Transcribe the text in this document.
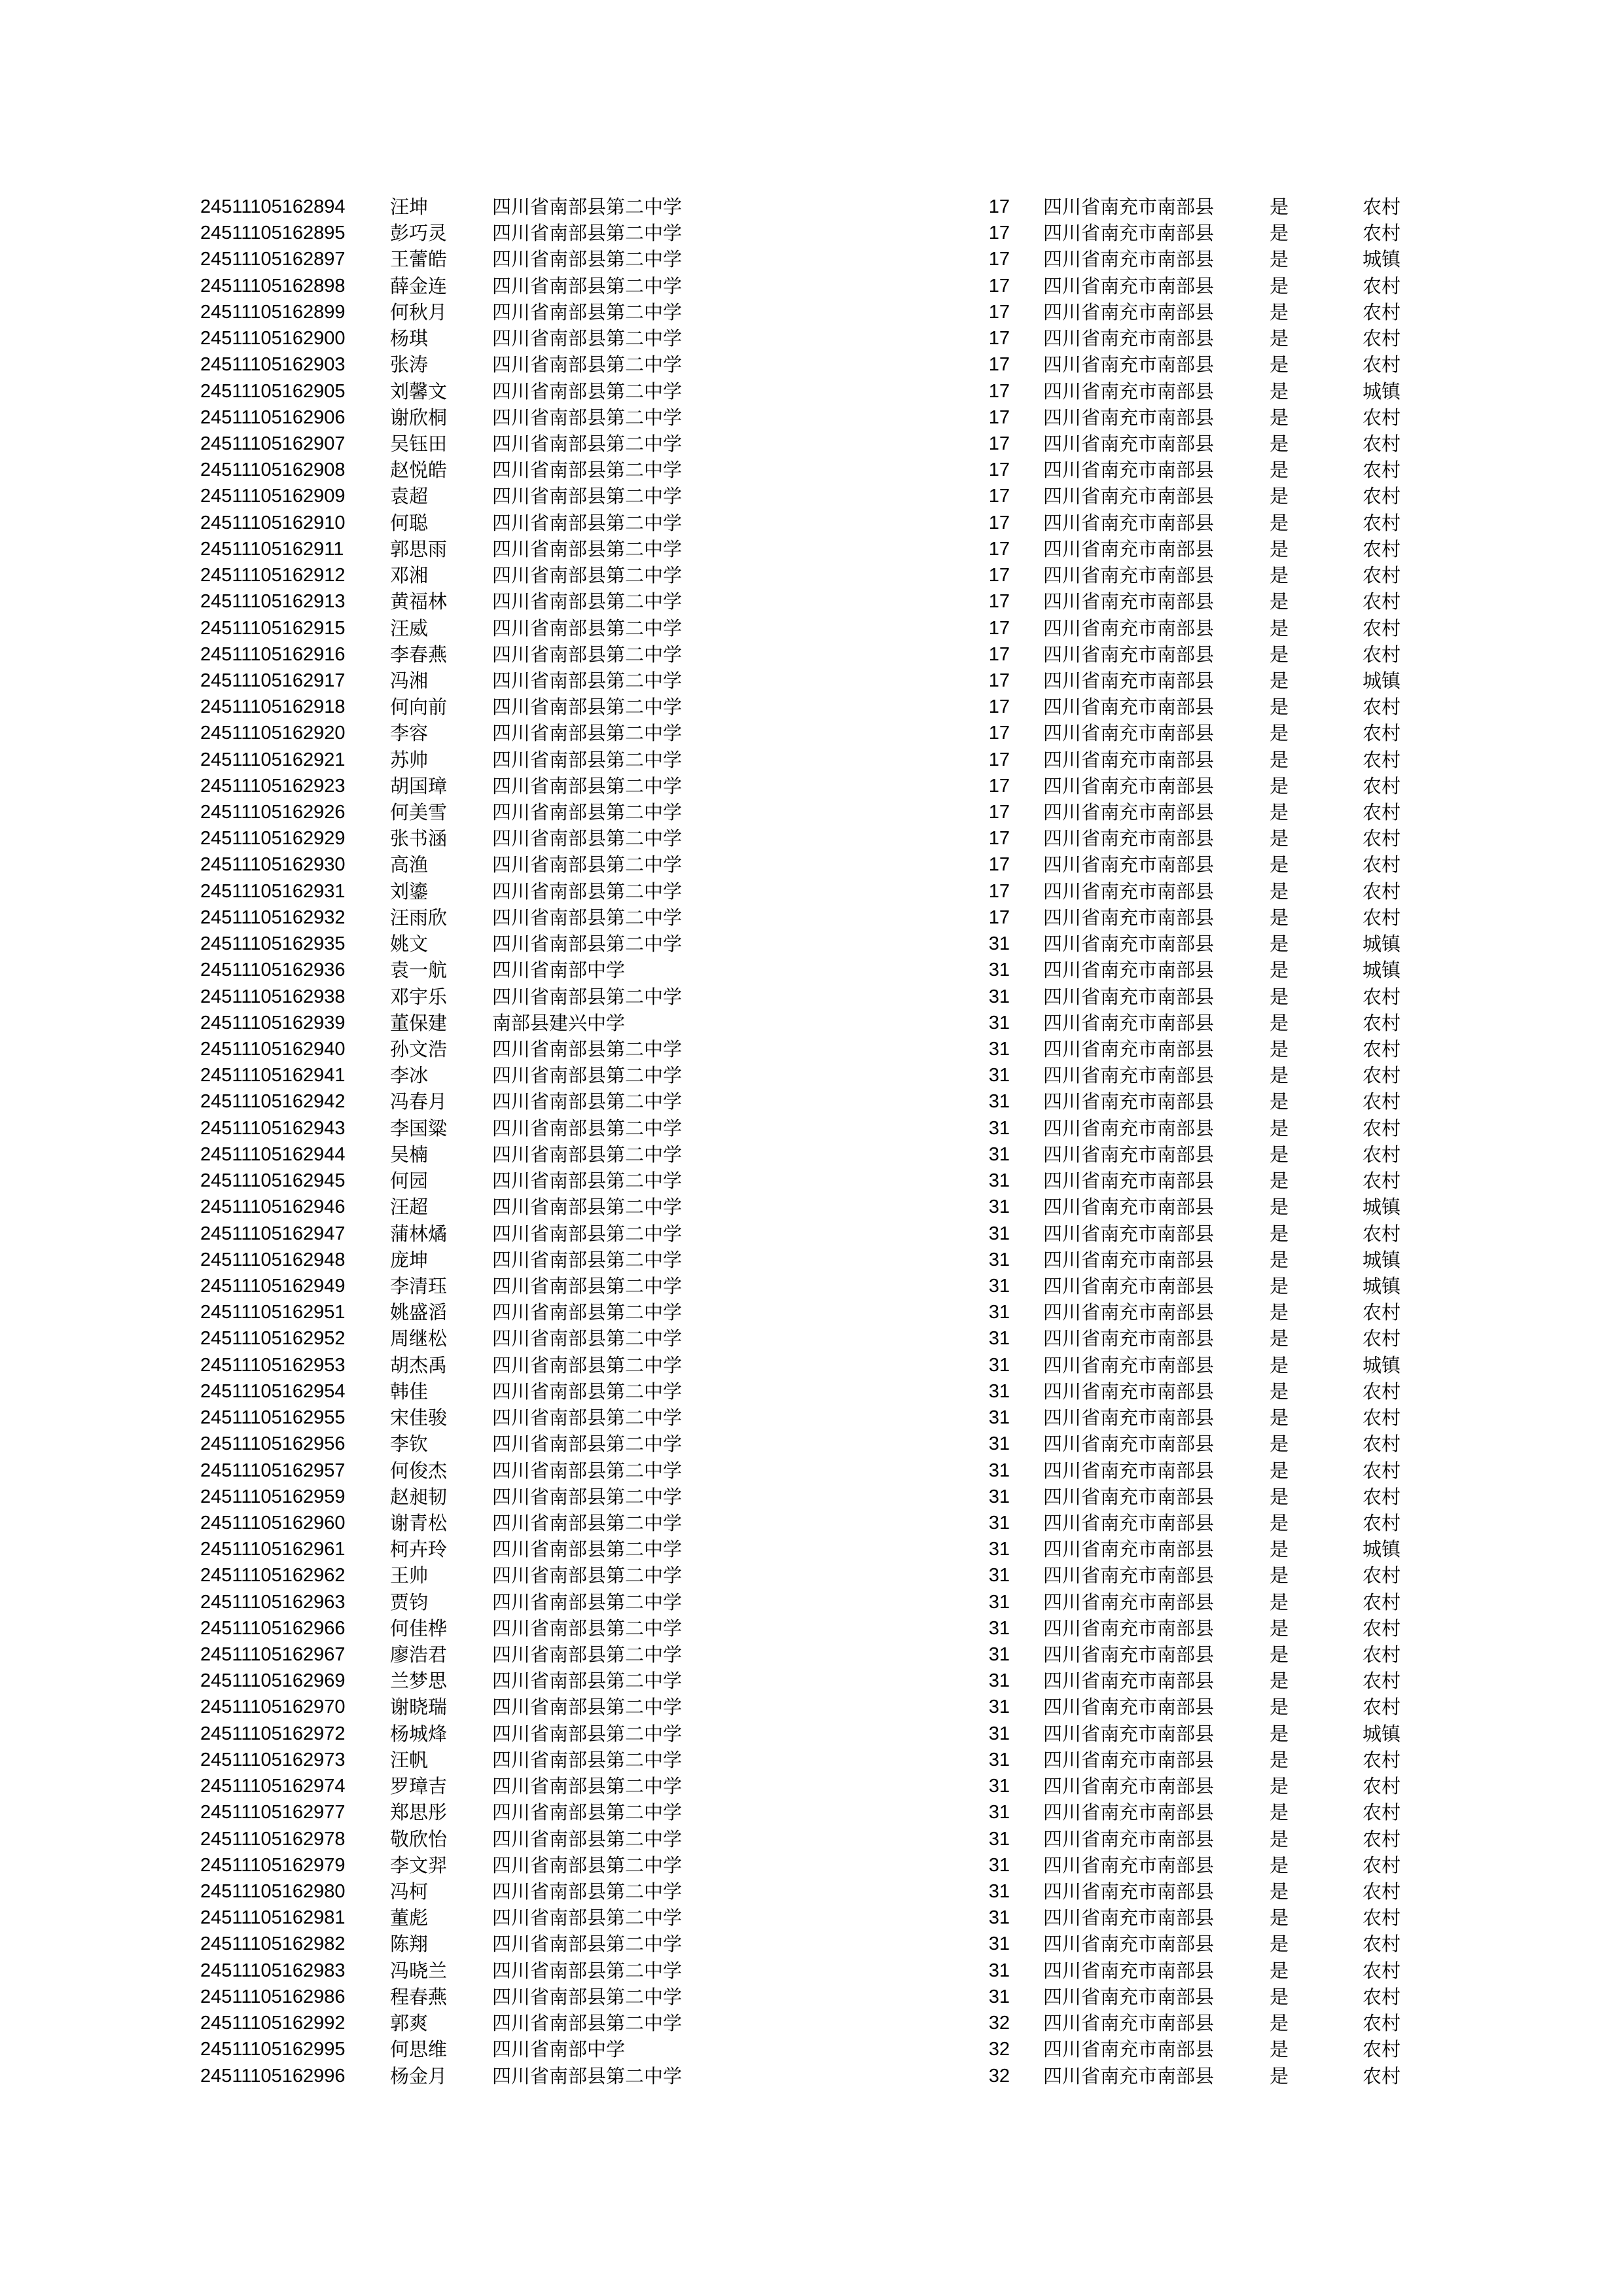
24511105162894 汪坤	四川省南部县第二中学	17 四川省南充市南部县	是	农村
24511105162895 彭巧灵 四川省南部县第二中学	17 四川省南充市南部县	是	农村
24511105162897 王蕾皓 四川省南部县第二中学	17 四川省南充市南部县	是	城镇
24511105162898 薛金连 四川省南部县第二中学	17 四川省南充市南部县	是	农村
24511105162899 何秋月 四川省南部县第二中学	17 四川省南充市南部县	是	农村
24511105162900 杨琪	四川省南部县第二中学	17 四川省南充市南部县	是	农村
24511105162903 张涛	四川省南部县第二中学	17 四川省南充市南部县	是	农村
24511105162905 刘馨文 四川省南部县第二中学	17 四川省南充市南部县	是	城镇
24511105162906 谢欣桐 四川省南部县第二中学	17 四川省南充市南部县	是	农村
24511105162907 吴钰田 四川省南部县第二中学	17 四川省南充市南部县	是	农村
24511105162908 赵悦皓 四川省南部县第二中学	17 四川省南充市南部县	是	农村
24511105162909 袁超	四川省南部县第二中学	17 四川省南充市南部县	是	农村
24511105162910 何聪	四川省南部县第二中学	17 四川省南充市南部县	是	农村
24511105162911 郭思雨 四川省南部县第二中学	17 四川省南充市南部县	是	农村
24511105162912 邓湘	四川省南部县第二中学	17 四川省南充市南部县	是	农村
24511105162913 黄福林 四川省南部县第二中学	17 四川省南充市南部县	是	农村
24511105162915 汪威	四川省南部县第二中学	17 四川省南充市南部县	是	农村
24511105162916 李春燕 四川省南部县第二中学	17 四川省南充市南部县	是	农村
24511105162917 冯湘	四川省南部县第二中学	17 四川省南充市南部县	是	城镇
24511105162918 何向前 四川省南部县第二中学	17 四川省南充市南部县	是	农村
24511105162920 李容	四川省南部县第二中学	17 四川省南充市南部县	是	农村
24511105162921 苏帅	四川省南部县第二中学	17 四川省南充市南部县	是	农村
24511105162923 胡国璋 四川省南部县第二中学	17 四川省南充市南部县	是	农村
24511105162926 何美雪 四川省南部县第二中学	17 四川省南充市南部县	是	农村
24511105162929 张书涵 四川省南部县第二中学	17 四川省南充市南部县	是	农村
24511105162930 高渔	四川省南部县第二中学	17 四川省南充市南部县	是	农村
24511105162931 刘鎏	四川省南部县第二中学	17 四川省南充市南部县	是	农村
24511105162932 汪雨欣 四川省南部县第二中学	17 四川省南充市南部县	是	农村
24511105162935 姚文	四川省南部县第二中学	31 四川省南充市南部县	是	城镇
24511105162936 袁一航 四川省南部中学	31 四川省南充市南部县	是	城镇
24511105162938 邓宇乐 四川省南部县第二中学	31 四川省南充市南部县	是	农村
24511105162939 董保建 南部县建兴中学	31 四川省南充市南部县	是	农村
24511105162940 孙文浩 四川省南部县第二中学	31 四川省南充市南部县	是	农村
24511105162941 李冰	四川省南部县第二中学	31 四川省南充市南部县	是	农村
24511105162942 冯春月 四川省南部县第二中学	31 四川省南充市南部县	是	农村
24511105162943 李国粱 四川省南部县第二中学	31 四川省南充市南部县	是	农村
24511105162944 吴楠	四川省南部县第二中学	31 四川省南充市南部县	是	农村
24511105162945 何园	四川省南部县第二中学	31 四川省南充市南部县	是	农村
24511105162946 汪超	四川省南部县第二中学	31 四川省南充市南部县	是	城镇
24511105162947 蒲林燏 四川省南部县第二中学	31 四川省南充市南部县	是	农村
24511105162948 庞坤	四川省南部县第二中学	31 四川省南充市南部县	是	城镇
24511105162949 李清珏 四川省南部县第二中学	31 四川省南充市南部县	是	城镇
24511105162951 姚盛滔 四川省南部县第二中学	31 四川省南充市南部县	是	农村
24511105162952 周继松 四川省南部县第二中学	31 四川省南充市南部县	是	农村
24511105162953 胡杰禹 四川省南部县第二中学	31 四川省南充市南部县	是	城镇
24511105162954 韩佳	四川省南部县第二中学	31 四川省南充市南部县	是	农村
24511105162955 宋佳骏 四川省南部县第二中学	31 四川省南充市南部县	是	农村
24511105162956 李钦	四川省南部县第二中学	31 四川省南充市南部县	是	农村
24511105162957 何俊杰 四川省南部县第二中学	31 四川省南充市南部县	是	农村
24511105162959 赵昶韧 四川省南部县第二中学	31 四川省南充市南部县	是	农村
24511105162960 谢青松 四川省南部县第二中学	31 四川省南充市南部县	是	农村
24511105162961 柯卉玲 四川省南部县第二中学	31 四川省南充市南部县	是	城镇
24511105162962 王帅	四川省南部县第二中学	31 四川省南充市南部县	是	农村
24511105162963 贾钧	四川省南部县第二中学	31 四川省南充市南部县	是	农村
24511105162966 何佳桦 四川省南部县第二中学	31 四川省南充市南部县	是	农村
24511105162967 廖浩君 四川省南部县第二中学	31 四川省南充市南部县	是	农村
24511105162969 兰梦思 四川省南部县第二中学	31 四川省南充市南部县	是	农村
24511105162970 谢晓瑞 四川省南部县第二中学	31 四川省南充市南部县	是	农村
24511105162972 杨城烽 四川省南部县第二中学	31 四川省南充市南部县	是	城镇
24511105162973 汪帆	四川省南部县第二中学	31 四川省南充市南部县	是	农村
24511105162974 罗璋吉 四川省南部县第二中学	31 四川省南充市南部县	是	农村
24511105162977 郑思彤 四川省南部县第二中学	31 四川省南充市南部县	是	农村
24511105162978 敬欣怡 四川省南部县第二中学	31 四川省南充市南部县	是	农村
24511105162979 李文羿 四川省南部县第二中学	31 四川省南充市南部县	是	农村
24511105162980 冯柯	四川省南部县第二中学	31 四川省南充市南部县	是	农村
24511105162981 董彪	四川省南部县第二中学	31 四川省南充市南部县	是	农村
24511105162982 陈翔	四川省南部县第二中学	31 四川省南充市南部县	是	农村
24511105162983 冯晓兰 四川省南部县第二中学	31 四川省南充市南部县	是	农村
24511105162986 程春燕 四川省南部县第二中学	31 四川省南充市南部县	是	农村
24511105162992 郭爽	四川省南部县第二中学	32 四川省南充市南部县	是	农村
24511105162995 何思维 四川省南部中学	32 四川省南充市南部县	是	农村
24511105162996 杨金月 四川省南部县第二中学	32 四川省南充市南部县	是	农村
